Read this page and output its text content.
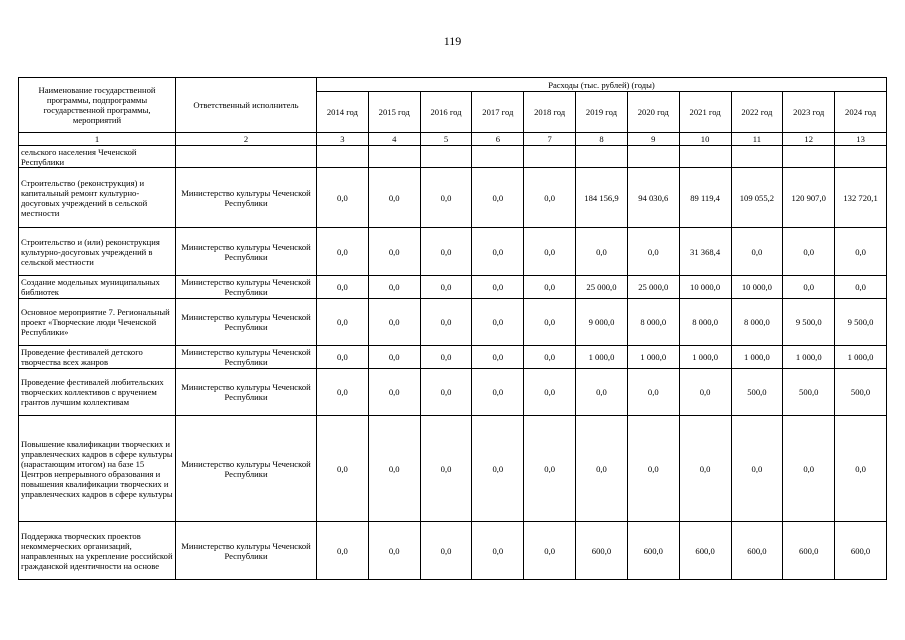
119
Наименование государственной программы, подпрограммы государственной программы, мероприятий	Ответственный исполнитель	Расходы (тыс. рублей) (годы)										
		2014 год	2015 год	2016 год	2017 год	2018 год	2019 год	2020 год	2021 год	2022 год	2023 год	2024 год
1	2	3	4	5	6	7	8	9	10	11	12	13
сельского населения Чеченской Республики												
Строительство (реконструкция) и капитальный ремонт культурно-досуговых учреждений в сельской местности	Министерство культуры Чеченской Республики	0,0	0,0	0,0	0,0	0,0	184 156,9	94 030,6	89 119,4	109 055,2	120 907,0	132 720,1
Строительство и (или) реконструкция культурно-досуговых учреждений в сельской местности	Министерство культуры Чеченской Республики	0,0	0,0	0,0	0,0	0,0	0,0	0,0	31 368,4	0,0	0,0	0,0
Создание модельных муниципальных библиотек	Министерство культуры Чеченской Республики	0,0	0,0	0,0	0,0	0,0	25 000,0	25 000,0	10 000,0	10 000,0	0,0	0,0
Основное мероприятие 7. Региональный проект «Творческие люди Чеченской Республики»	Министерство культуры Чеченской Республики	0,0	0,0	0,0	0,0	0,0	9 000,0	8 000,0	8 000,0	8 000,0	9 500,0	9 500,0
Проведение фестивалей детского творчества всех жанров	Министерство культуры Чеченской Республики	0,0	0,0	0,0	0,0	0,0	1 000,0	1 000,0	1 000,0	1 000,0	1 000,0	1 000,0
Проведение фестивалей любительских творческих коллективов с вручением грантов лучшим коллективам	Министерство культуры Чеченской Республики	0,0	0,0	0,0	0,0	0,0	0,0	0,0	0,0	500,0	500,0	500,0
Повышение квалификации творческих и управленческих кадров в сфере культуры (нарастающим итогом) на базе 15 Центров непрерывного образования и повышения квалификации творческих и управленческих кадров в сфере культуры	Министерство культуры Чеченской Республики	0,0	0,0	0,0	0,0	0,0	0,0	0,0	0,0	0,0	0,0	0,0
Поддержка творческих проектов некоммерческих организаций, направленных на укрепление российской гражданской идентичности на основе	Министерство культуры Чеченской Республики	0,0	0,0	0,0	0,0	0,0	600,0	600,0	600,0	600,0	600,0	600,0
